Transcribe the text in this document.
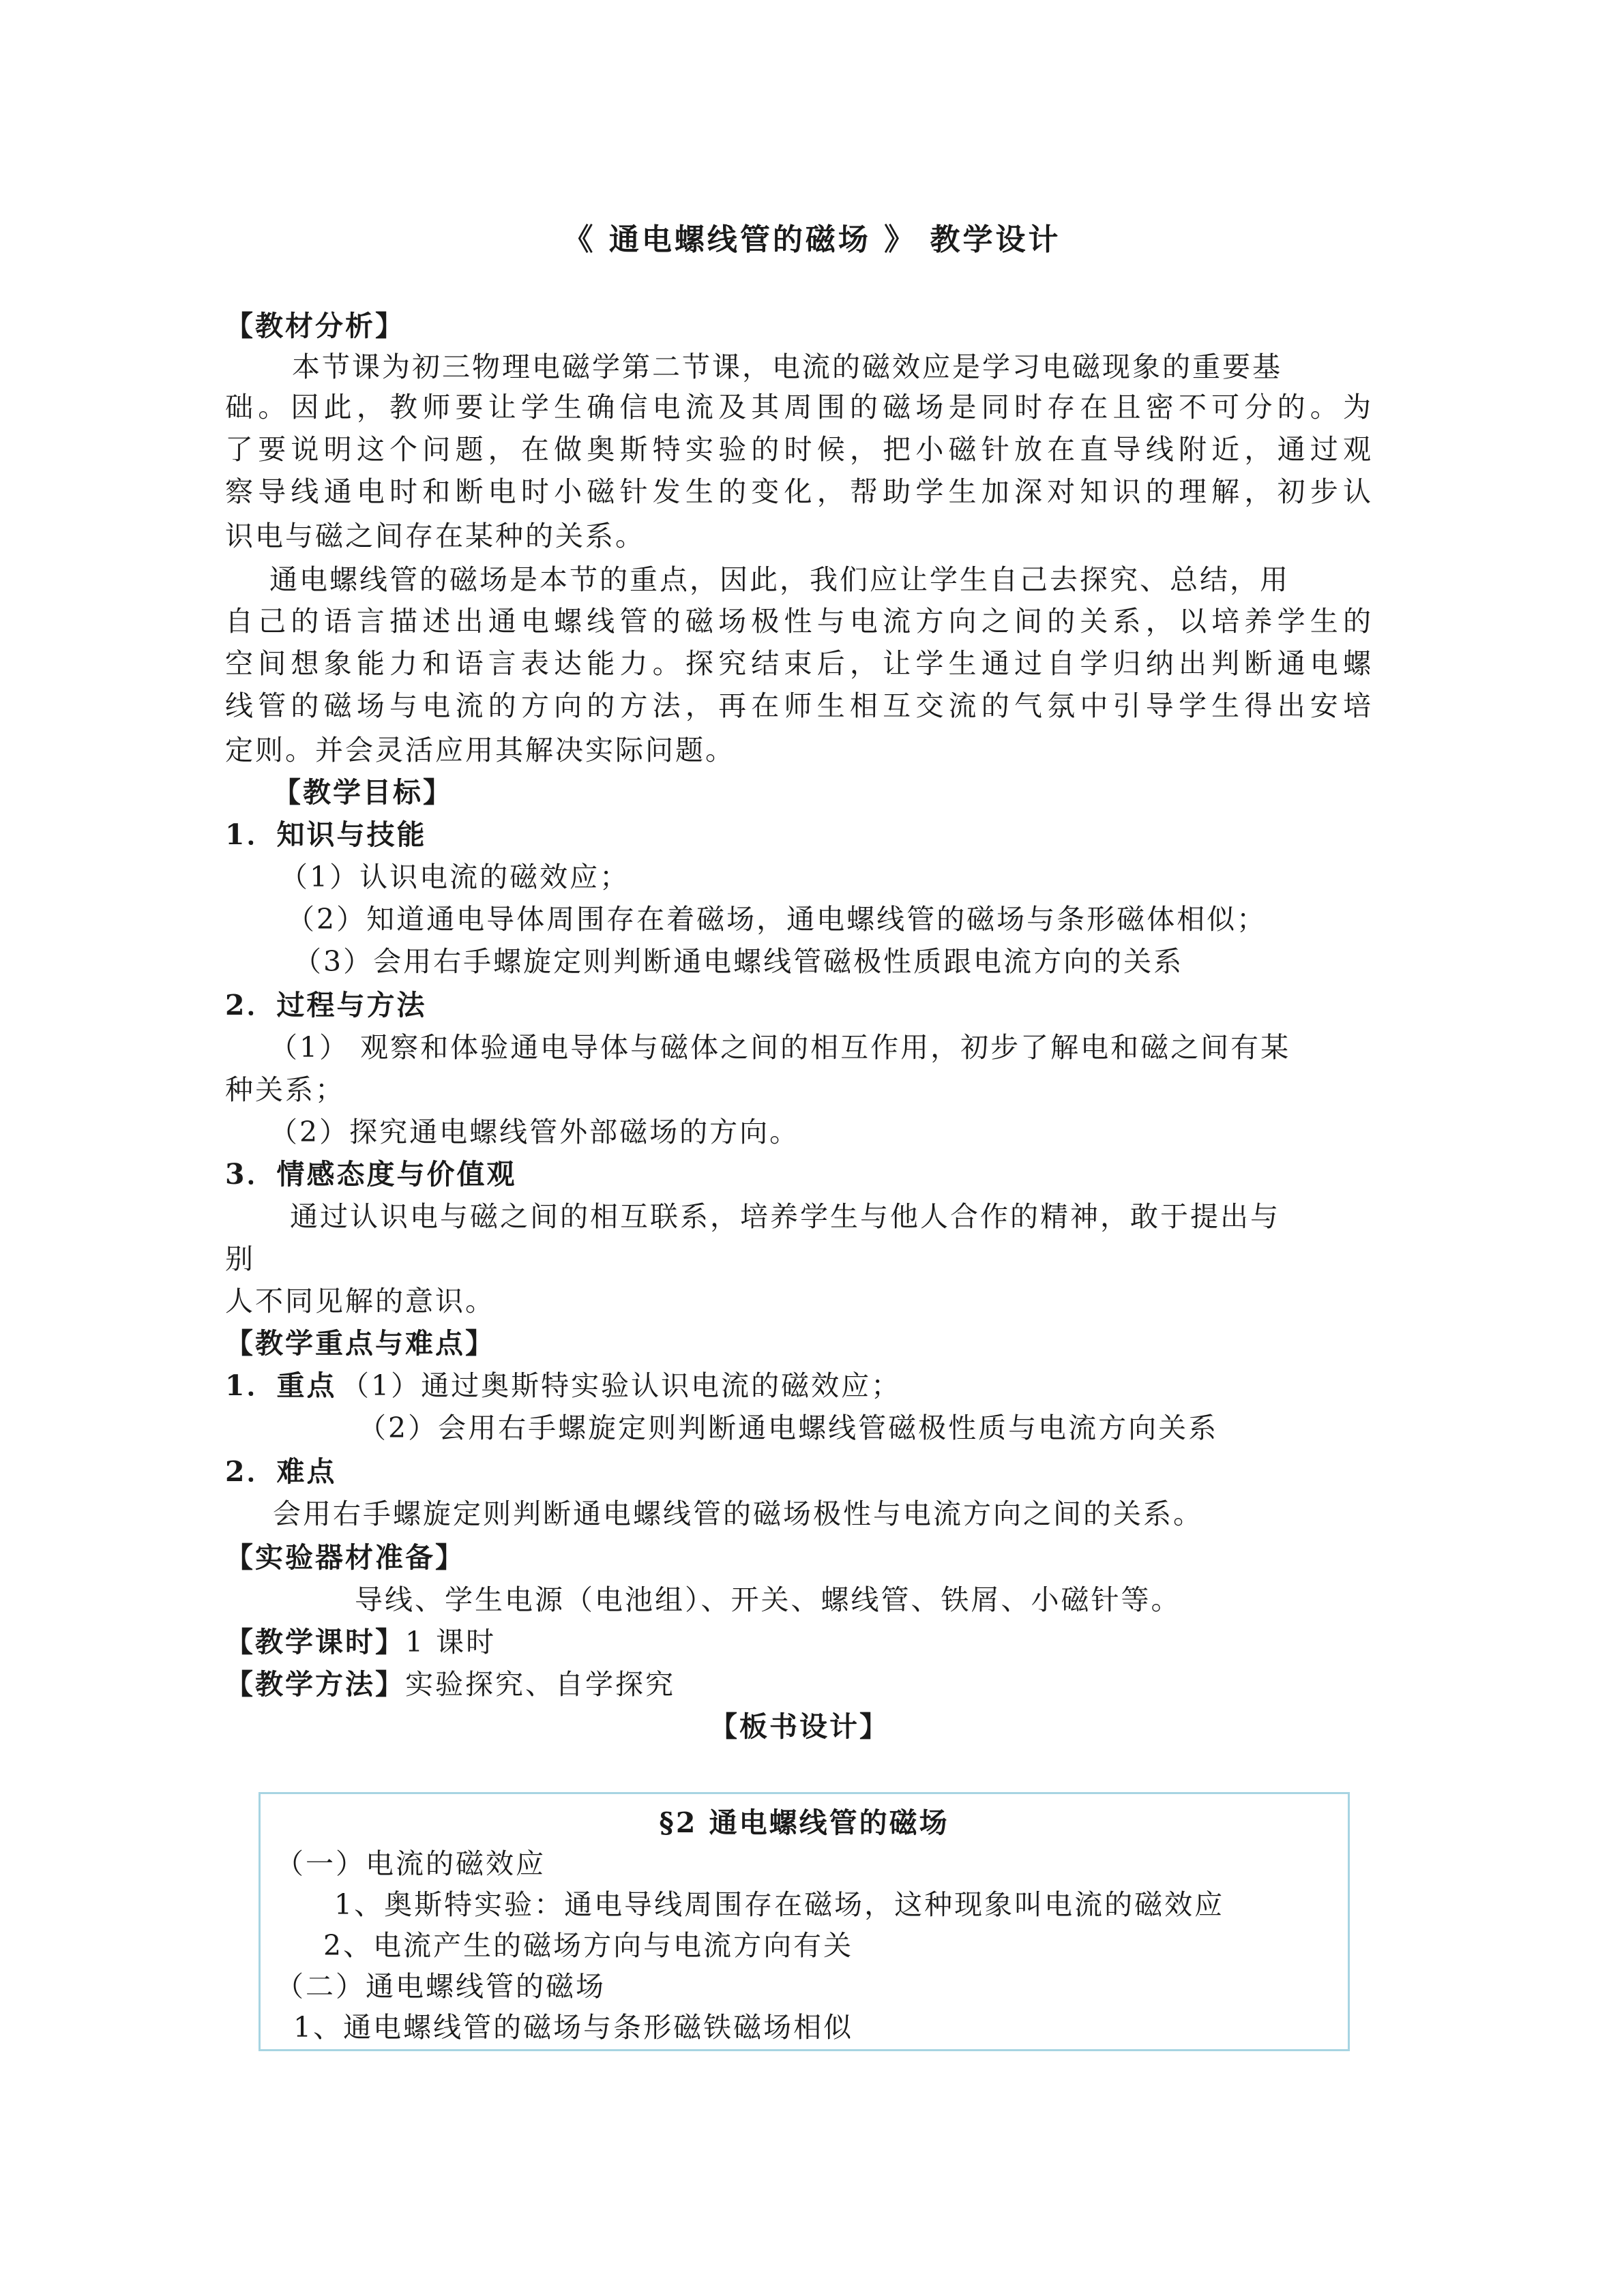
《 通电螺线管的磁场 》 教学设计
【教材分析】
本节课为初三物理电磁学第二节课，电流的磁效应是学习电磁现象的重要基
础。因此，教师要让学生确信电流及其周围的磁场是同时存在且密不可分的。为
了要说明这个问题，在做奥斯特实验的时候，把小磁针放在直导线附近，通过观
察导线通电时和断电时小磁针发生的变化，帮助学生加深对知识的理解，初步认
识电与磁之间存在某种的关系。
通电螺线管的磁场是本节的重点，因此，我们应让学生自己去探究、总结，用
自己的语言描述出通电螺线管的磁场极性与电流方向之间的关系，以培养学生的
空间想象能力和语言表达能力。探究结束后，让学生通过自学归纳出判断通电螺
线管的磁场与电流的方向的方法，再在师生相互交流的气氛中引导学生得出安培
定则。并会灵活应用其解决实际问题。
【教学目标】
1．知识与技能
（1）认识电流的磁效应；
（2）知道通电导体周围存在着磁场，通电螺线管的磁场与条形磁体相似；
（3）会用右手螺旋定则判断通电螺线管磁极性质跟电流方向的关系
2．过程与方法
（1） 观察和体验通电导体与磁体之间的相互作用，初步了解电和磁之间有某
种关系；
（2）探究通电螺线管外部磁场的方向。
3．情感态度与价值观
通过认识电与磁之间的相互联系，培养学生与他人合作的精神，敢于提出与
别
人不同见解的意识。
【教学重点与难点】
1．重点 （1）通过奥斯特实验认识电流的磁效应；
（2）会用右手螺旋定则判断通电螺线管磁极性质与电流方向关系
2．难点
会用右手螺旋定则判断通电螺线管的磁场极性与电流方向之间的关系。
【实验器材准备】
导线、学生电源（电池组）、开关、螺线管、铁屑、小磁针等。
【教学课时】1 课时
【教学方法】实验探究、自学探究
【板书设计】
§2 通电螺线管的磁场
（一）电流的磁效应
1、奥斯特实验：通电导线周围存在磁场，这种现象叫电流的磁效应
2、电流产生的磁场方向与电流方向有关
（二）通电螺线管的磁场
1、通电螺线管的磁场与条形磁铁磁场相似
